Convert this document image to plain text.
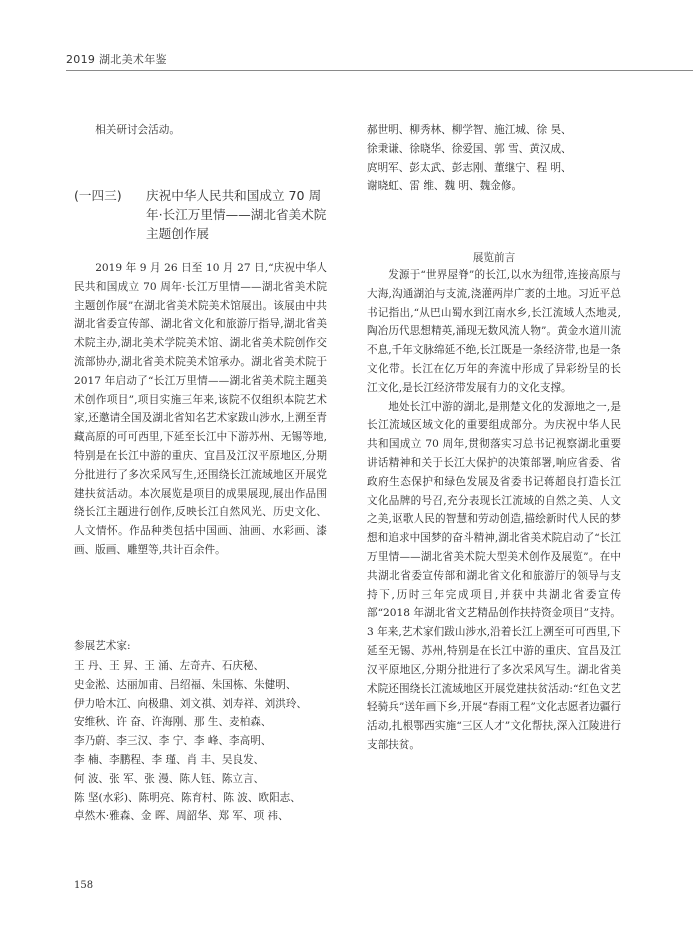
2019 湖北美术年鉴

相关研讨会活动。

(一四三) 庆祝中华人民共和国成立 70 周年·长江万里情——湖北省美术院主题创作展

2019 年 9 月 26 日至 10 月 27 日,“庆祝中华人民共和国成立 70 周年·长江万里情——湖北省美术院主题创作展”在湖北省美术院美术馆展出。该展由中共湖北省委宣传部、湖北省文化和旅游厅指导,湖北省美术院主办,湖北美术学院美术馆、湖北省美术院创作交流部协办,湖北省美术院美术馆承办。湖北省美术院于 2017 年启动了“长江万里情——湖北省美术院主题美术创作项目”,项目实施三年来,该院不仅组织本院艺术家,还邀请全国及湖北省知名艺术家跋山涉水,上溯至青藏高原的可可西里,下延至长江中下游苏州、无锡等地,特别是在长江中游的重庆、宜昌及江汉平原地区,分期分批进行了多次采风写生,还围绕长江流域地区开展党建扶贫活动。本次展览是项目的成果展现,展出作品围绕长江主题进行创作,反映长江自然风光、历史文化、人文情怀。作品种类包括中国画、油画、水彩画、漆画、版画、雕塑等,共计百余件。

参展艺术家:
王 丹、王 昇、王 涌、左奇卉、石庆秘、
史金淞、达丽加甫、吕绍福、朱国栋、朱健明、
伊力哈木江、向极鼎、刘文祺、刘寿祥、刘洪玲、
安维秋、许 奋、许海刚、那 生、麦柏森、
李乃蔚、李三汉、李 宁、李 峰、李高明、
李 楠、李鹏程、李 瑾、肖 丰、吴良发、
何 波、张 军、张 漫、陈人钰、陈立言、
陈 坚(水彩)、陈明亮、陈育村、陈 波、欧阳志、
卓然木·雅森、金 晖、周韶华、郑 军、项 祎、
郝世明、柳秀林、柳学智、施江城、徐 昊、
徐秉谦、徐晓华、徐爱国、郭 雪、黄汉成、
庹明军、彭太武、彭志刚、董继宁、程 明、
谢晓虹、雷 维、魏 明、魏金修。
展览前言

发源于“世界屋脊”的长江,以水为纽带,连接高原与大海,沟通湖泊与支流,浇灌两岸广袤的土地。习近平总书记指出,“从巴山蜀水到江南水乡,长江流域人杰地灵,陶冶历代思想精英,涌现无数风流人物”。黄金水道川流不息,千年文脉绵延不绝,长江既是一条经济带,也是一条文化带。长江在亿万年的奔流中形成了异彩纷呈的长江文化,是长江经济带发展有力的文化支撑。

地处长江中游的湖北,是荆楚文化的发源地之一,是长江流域区域文化的重要组成部分。为庆祝中华人民共和国成立 70 周年,贯彻落实习总书记视察湖北重要讲话精神和关于长江大保护的决策部署,响应省委、省政府生态保护和绿色发展及省委书记蒋超良打造长江文化品牌的号召,充分表现长江流域的自然之美、人文之美,讴歌人民的智慧和劳动创造,描绘新时代人民的梦想和追求中国梦的奋斗精神,湖北省美术院启动了“长江万里情——湖北省美术院大型美术创作及展览”。在中共湖北省委宣传部和湖北省文化和旅游厅的领导与支持下,历时三年完成项目,并获中共湖北省委宣传部“2018 年湖北省文艺精品创作扶持资金项目”支持。3 年来,艺术家们跋山涉水,沿着长江上溯至可可西里,下延至无锡、苏州,特别是在长江中游的重庆、宜昌及江汉平原地区,分期分批进行了多次采风写生。湖北省美术院还围绕长江流域地区开展党建扶贫活动:“红色文艺轻骑兵”送年画下乡,开展“春雨工程”文化志愿者边疆行活动,扎根鄂西实施“三区人才”文化帮扶,深入江陵进行支部扶贫。

158
